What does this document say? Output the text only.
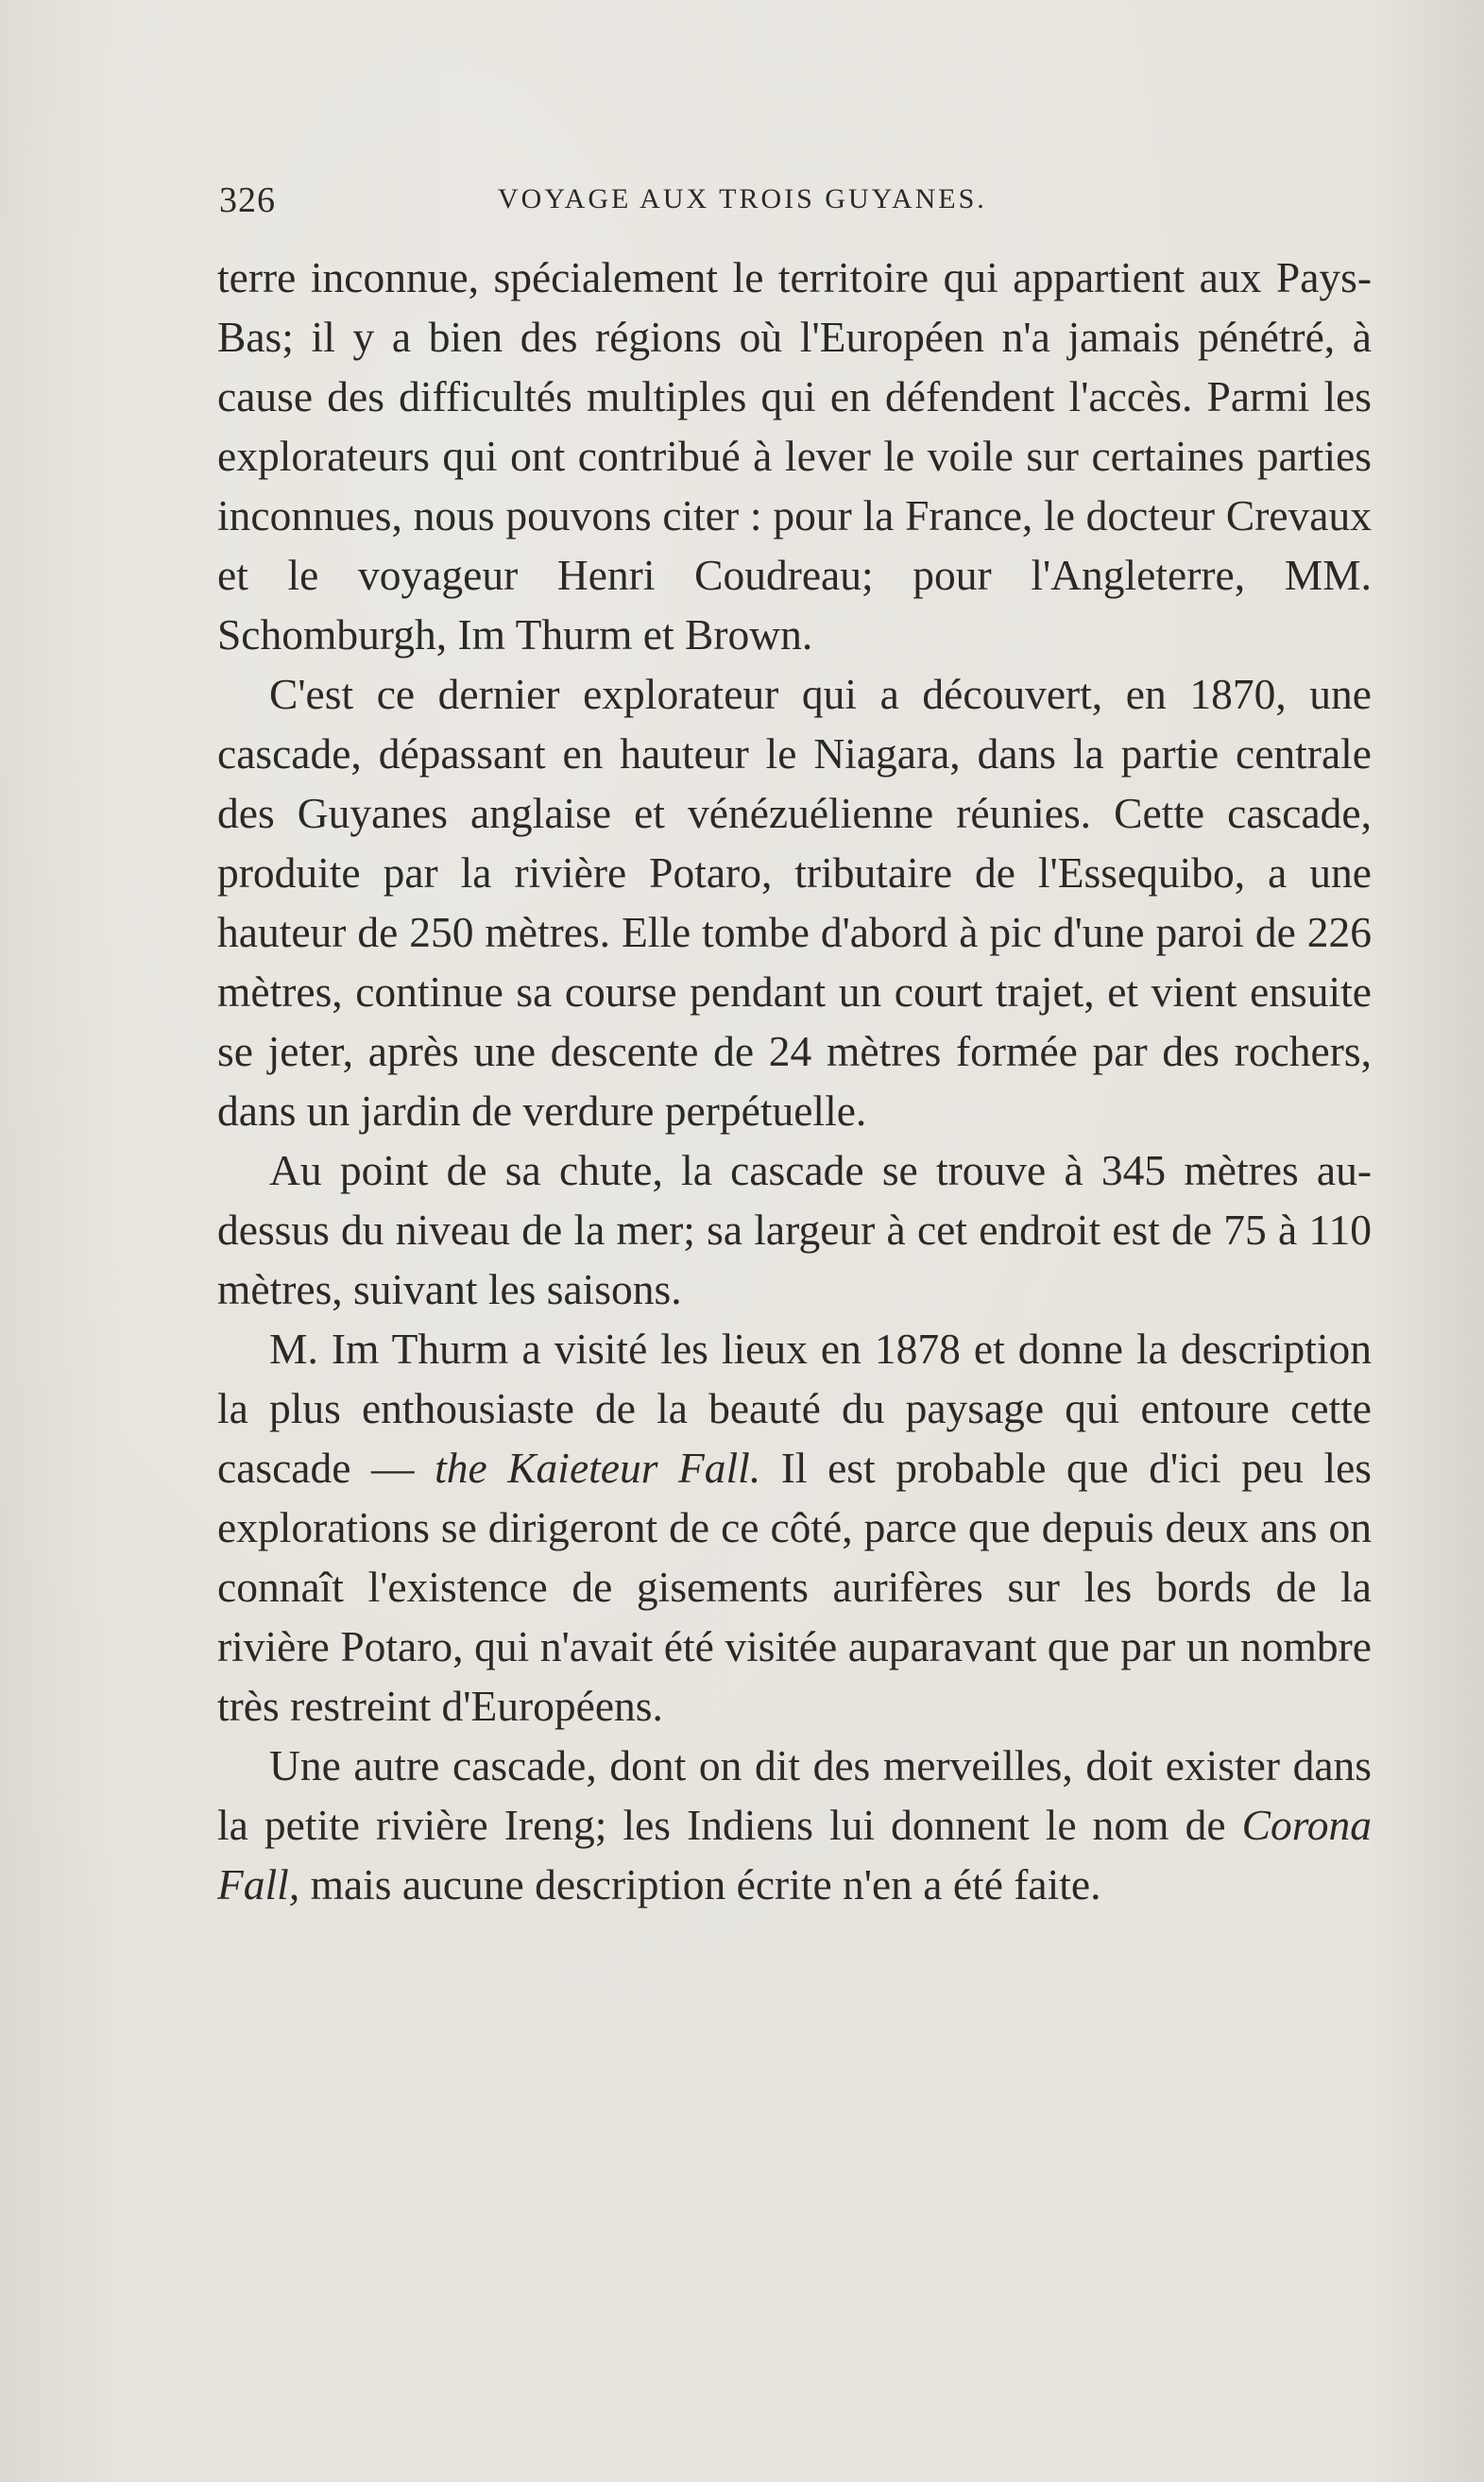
326	VOYAGE AUX TROIS GUYANES.

terre inconnue, spécialement le territoire qui appartient aux Pays-Bas; il y a bien des régions où l'Européen n'a jamais pénétré, à cause des difficultés multiples qui en défendent l'accès. Parmi les explorateurs qui ont contribué à lever le voile sur certaines parties inconnues, nous pouvons citer : pour la France, le docteur Crevaux et le voyageur Henri Coudreau; pour l'Angleterre, MM. Schomburgh, Im Thurm et Brown.

C'est ce dernier explorateur qui a découvert, en 1870, une cascade, dépassant en hauteur le Niagara, dans la partie centrale des Guyanes anglaise et vénézuélienne réunies. Cette cascade, produite par la rivière Potaro, tributaire de l'Essequibo, a une hauteur de 250 mètres. Elle tombe d'abord à pic d'une paroi de 226 mètres, continue sa course pendant un court trajet, et vient ensuite se jeter, après une descente de 24 mètres formée par des rochers, dans un jardin de verdure perpétuelle.

Au point de sa chute, la cascade se trouve à 345 mètres au-dessus du niveau de la mer; sa largeur à cet endroit est de 75 à 110 mètres, suivant les saisons.

M. Im Thurm a visité les lieux en 1878 et donne la description la plus enthousiaste de la beauté du paysage qui entoure cette cascade — the Kaieteur Fall. Il est probable que d'ici peu les explorations se dirigeront de ce côté, parce que depuis deux ans on connaît l'existence de gisements aurifères sur les bords de la rivière Potaro, qui n'avait été visitée auparavant que par un nombre très restreint d'Européens.

Une autre cascade, dont on dit des merveilles, doit exister dans la petite rivière Ireng; les Indiens lui donnent le nom de Corona Fall, mais aucune description écrite n'en a été faite.
